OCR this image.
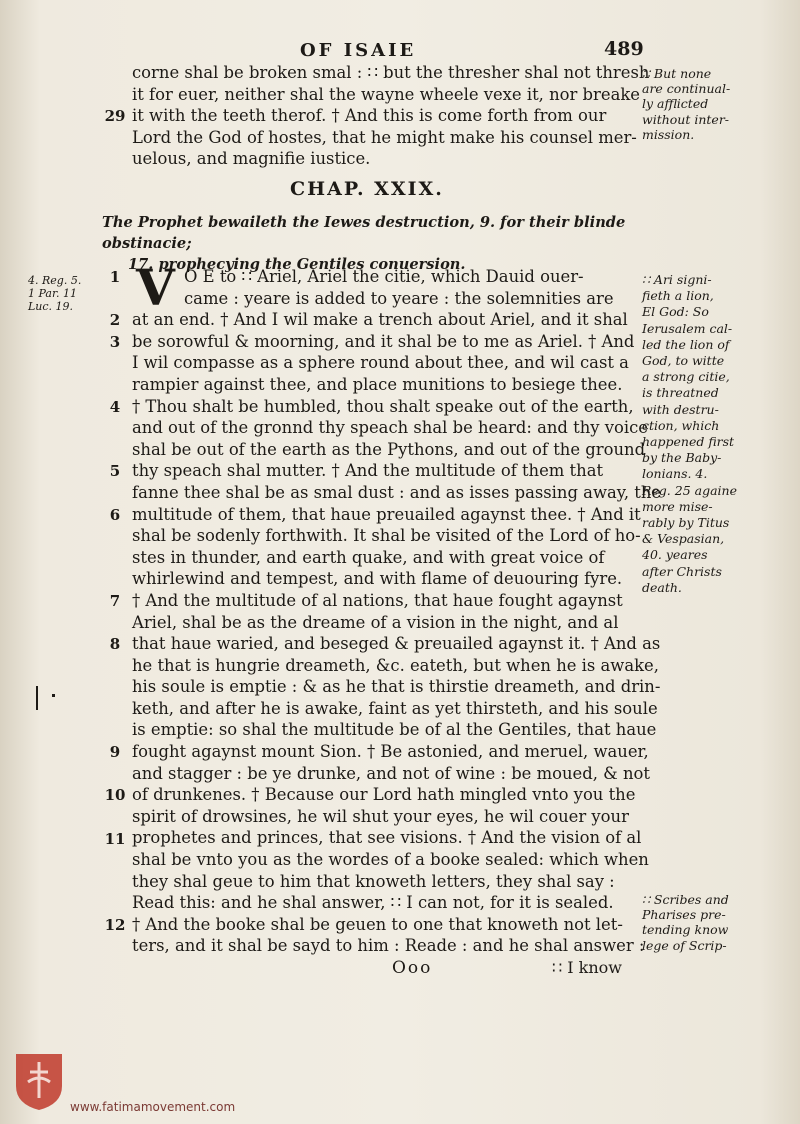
OF ISAIE	489
corne shal be broken smal : ∷ but the thresher shal not thresh
it for euer, neither shal the wayne wheele vexe it, nor breake
it with the teeth therof. † And this is come forth from our
Lord the God of hostes, that he might make his counsel mer-
uelous, and magnifie iustice.
∷ But none
are continual-
ly afflicted
without inter-
mission.
CHAP. XXIX.
The Prophet bewaileth the Iewes destruction, 9. for their blinde obstinacie;
17. prophecying the Gentiles conuersion.
4. Reg. 5.
1 Par. 11
Luc. 19.	V O E to ∷ Ariel, Ariel the citie, which Dauid ouer-
came : yeare is added to yeare : the solemnities are
at an end. † And I wil make a trench about Ariel, and it shal
be sorowful & moorning, and it shal be to me as Ariel. † And
I wil compasse as a sphere round about thee, and wil cast a
rampier against thee, and place munitions to besiege thee.
† Thou shalt be humbled, thou shalt speake out of the earth,
and out of the gronnd thy speach shal be heard: and thy voice
shal be out of the earth as the Pythons, and out of the ground
thy speach shal mutter. † And the multitude of them that
fanne thee shal be as smal dust : and as isses passing away, the
multitude of them, that haue preuailed agaynst thee. † And it
shal be sodenly forthwith. It shal be visited of the Lord of ho-
stes in thunder, and earth quake, and with great voice of
whirlewind and tempest, and with flame of deuouring fyre.
† And the multitude of al nations, that haue fought agaynst
Ariel, shal be as the dreame of a vision in the night, and al
that haue waried, and beseged & preuailed agaynst it. † And as
he that is hungrie dreameth, &c. eateth, but when he is awake,
his soule is emptie : & as he that is thirstie dreameth, and drin-
keth, and after he is awake, faint as yet thirsteth, and his soule
is emptie: so shal the multitude be of al the Gentiles, that haue
fought agaynst mount Sion. † Be astonied, and meruel, wauer,
and stagger : be ye drunke, and not of wine : be moued, & not
of drunkenes. † Because our Lord hath mingled vnto you the
spirit of drowsines, he wil shut your eyes, he wil couer your
prophetes and princes, that see visions. † And the vision of al
shal be vnto you as the wordes of a booke sealed: which when
they shal geue to him that knoweth letters, they shal say :
Read this: and he shal answer, ∷ I can not, for it is sealed.
† And the booke shal be geuen to one that knoweth not let-
ters, and it shal be sayd to him : Reade : and he shal answer :
∷ Ari signi-
fieth a lion,
El God: So
Ierusalem cal-
led the lion of
God, to witte
a strong citie,
is threatned
with destru-
ction, which
happened first
by the Baby-
lonians. 4.
Reg. 25 againe
more mise-
rably by Titus
& Vespasian,
40. yeares
after Christs
death.
∷ Scribes and
Pharises pre-
tending know
lege of Scrip-
Ooo	∷ I know
www.fatimamovement.com
29
1
2
3
4
5
6
7
8
9
10
11
12
